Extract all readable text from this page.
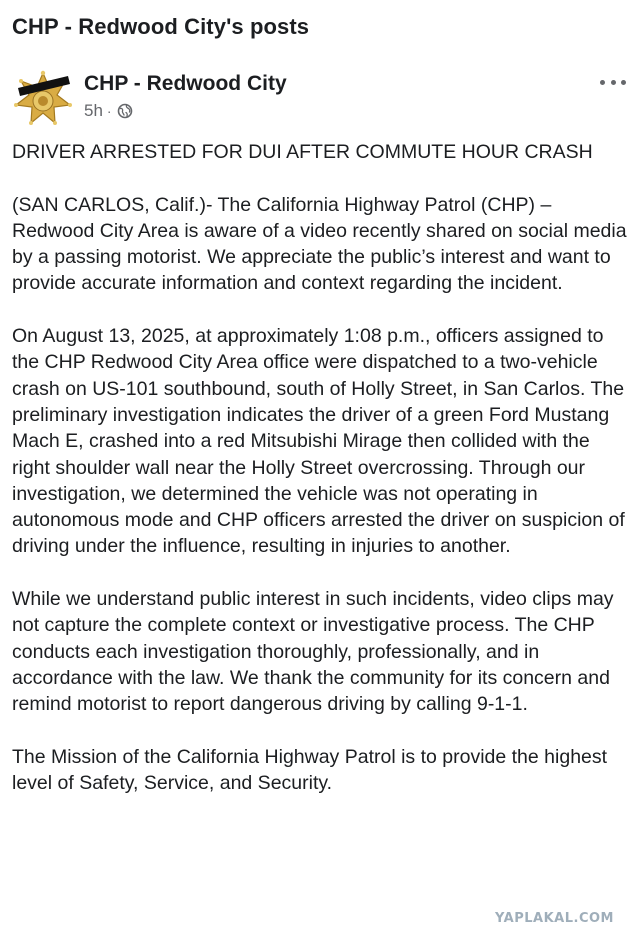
CHP - Redwood City's posts
CHP - Redwood City
5h ·

DRIVER ARRESTED FOR DUI AFTER COMMUTE HOUR CRASH

(SAN CARLOS, Calif.)- The California Highway Patrol (CHP) – Redwood City Area is aware of a video recently shared on social media by a passing motorist. We appreciate the public’s interest and want to provide accurate information and context regarding the incident.

On August 13, 2025, at approximately 1:08 p.m., officers assigned to the CHP Redwood City Area office were dispatched to a two-vehicle crash on US-101 southbound, south of Holly Street, in San Carlos. The preliminary investigation indicates the driver of a green Ford Mustang Mach E, crashed into a red Mitsubishi Mirage then collided with the right shoulder wall near the Holly Street overcrossing. Through our investigation, we determined the vehicle was not operating in autonomous mode and CHP officers arrested the driver on suspicion of driving under the influence, resulting in injuries to another.

While we understand public interest in such incidents, video clips may not capture the complete context or investigative process. The CHP conducts each investigation thoroughly, professionally, and in accordance with the law. We thank the community for its concern and remind motorist to report dangerous driving by calling 9-1-1.

The Mission of the California Highway Patrol is to provide the highest level of Safety, Service, and Security.

YAPLAKAL.COM
